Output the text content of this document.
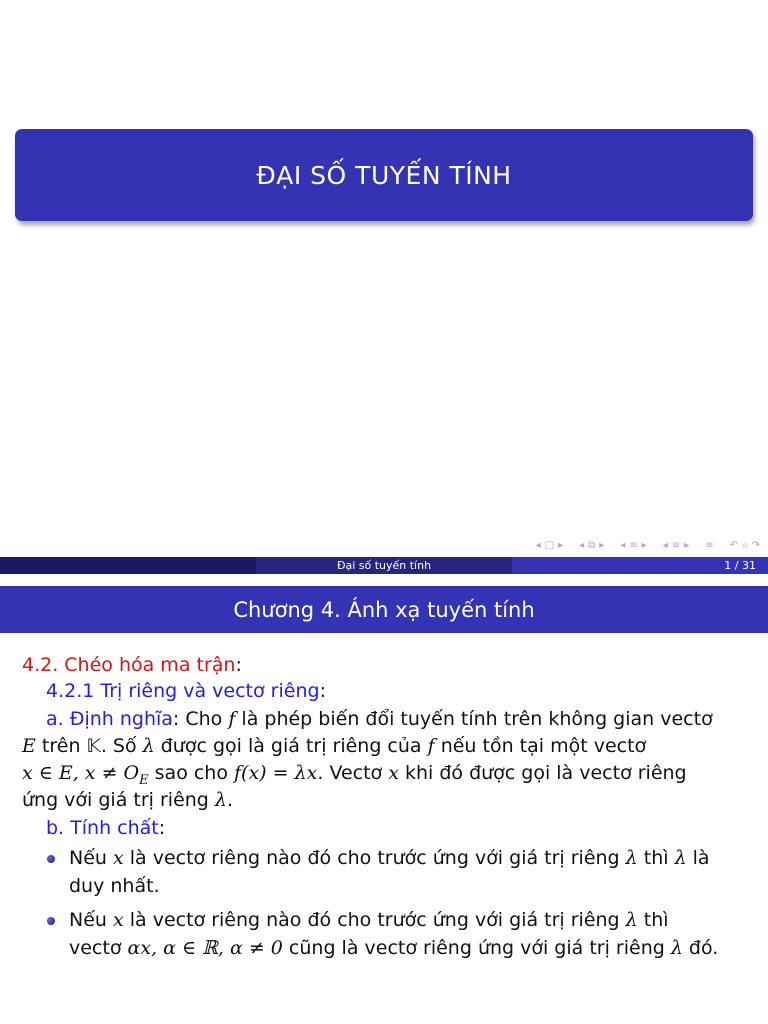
ĐẠI SỐ TUYẾN TÍNH
◂ □ ▸ ◂ ⧉ ▸ ◂ ≡ ▸ ◂ ≡ ▸ ≡ ↶ ⌕ ↷
Đại số tuyến tính	1 / 31
Chương 4. Ánh xạ tuyến tính
4.2. Chéo hóa ma trận:
4.2.1 Trị riêng và vectơ riêng:
a. Định nghĩa: Cho f là phép biến đổi tuyến tính trên không gian vectơ
E trên 𝕂. Số λ được gọi là giá trị riêng của f nếu tồn tại một vectơ
x ∈ E, $x \ne O_E$ sao cho f(x) = λx. Vectơ x khi đó được gọi là vectơ riêng
ứng với giá trị riêng λ.
b. Tính chất:
Nếu x là vectơ riêng nào đó cho trước ứng với giá trị riêng λ thì λ là
duy nhất.
Nếu x là vectơ riêng nào đó cho trước ứng với giá trị riêng λ thì
vectơ αx, α ∈ ℝ, α ≠ 0 cũng là vectơ riêng ứng với giá trị riêng λ đó.
